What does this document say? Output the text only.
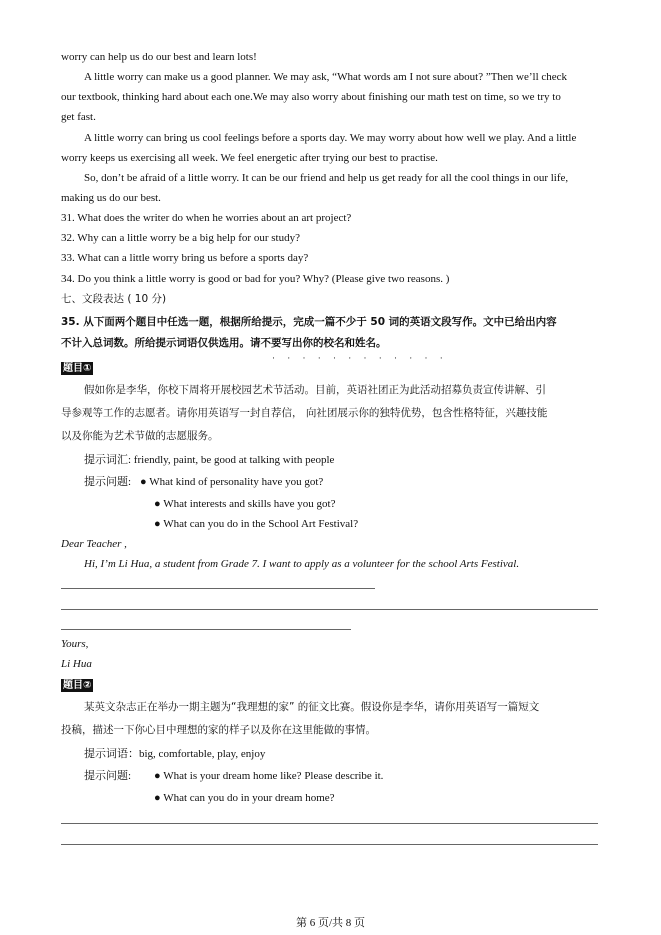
worry can help us do our best and learn lots!
A little worry can make us a good planner. We may ask, “What words am I not sure about? ”Then we’ll check
our textbook, thinking hard about each one.We may also worry about finishing our math test on time, so we try to
get fast.
A little worry can bring us cool feelings before a sports day. We may worry about how well we play. And a little
worry keeps us exercising all week. We feel energetic after trying our best to practise.
So, don’t be afraid of a little worry. It can be our friend and help us get ready for all the cool things in our life,
making us do our best.
31. What does the writer do when he worries about an art project?
32. Why can a little worry be a big help for our study?
33. What can a little worry bring us before a sports day?
34. Do you think a little worry is good or bad for you? Why? (Please give two reasons. )
七、文段表达 ( 10 分)
35. 从下面两个题目中任选一题，根据所给提示，完成一篇不少于 50 词的英语文段写作。文中已给出内容
不计入总词数。所给提示词语仅供选用。请不要写出你的校名和姓名。
· · · · · · · · · · · ·
题目①
假如你是李华，你校下周将开展校园艺术节活动。目前，英语社团正为此活动招募负责宣传讲解、引
导参观等工作的志愿者。请你用英语写一封自荐信， 向社团展示你的独特优势，包含性格特征，兴趣技能
以及你能为艺术节做的志愿服务。
提示词汇: friendly, paint, be good at talking with people
提示问题: ● What kind of personality have you got?
● What interests and skills have you got?
● What can you do in the School Art Festival?
Dear Teacher ,
Hi, I’m Li Hua, a student from Grade 7. I want to apply as a volunteer for the school Arts Festival.
Yours,
Li Hua
题目②
某英文杂志正在举办一期主题为“我理想的家” 的征文比赛。假设你是李华，请你用英语写一篇短文
投稿，描述一下你心目中理想的家的样子以及你在这里能做的事情。
提示词语：big, comfortable, play, enjoy
提示问题: ● What is your dream home like? Please describe it.
● What can you do in your dream home?
第 6 页/共 8 页
